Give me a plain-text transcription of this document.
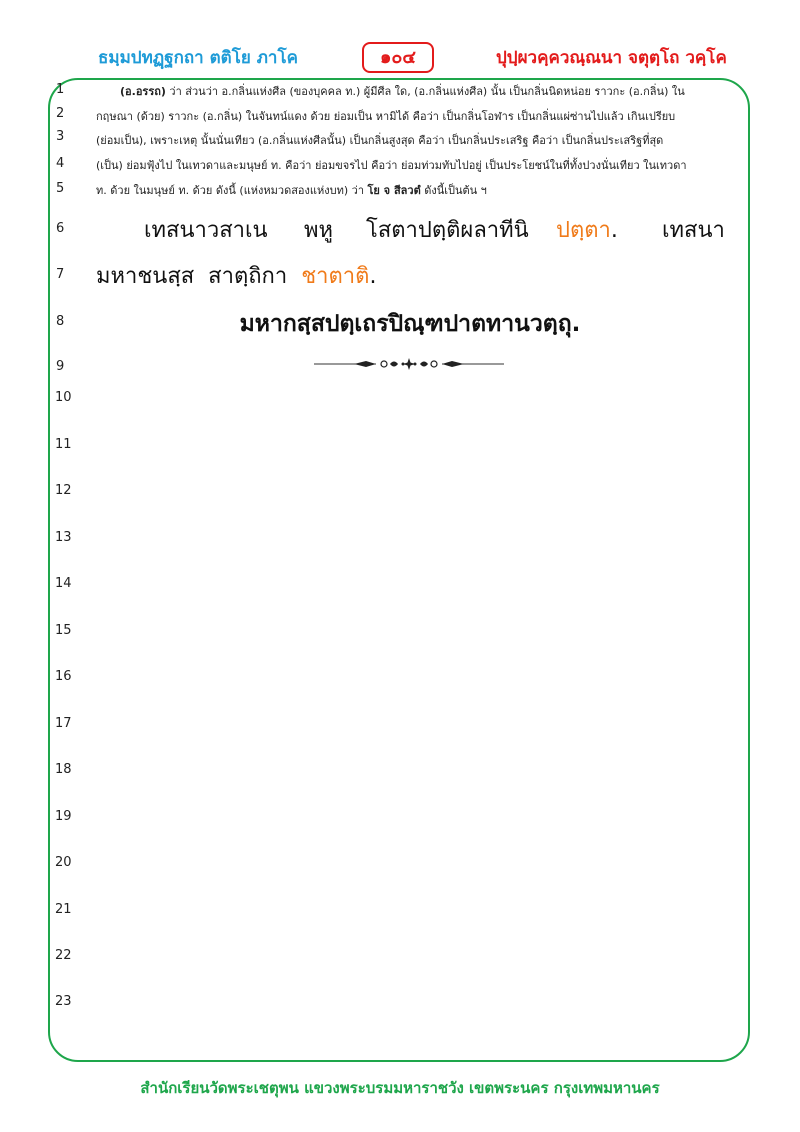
ธมฺมปทฏฺฐกถา ตติโย ภาโค	๑๐๔	ปุปฺผวคฺควณฺณนา จตุตฺโถ วคฺโค
1
2
3
4
5
6
7
8
9
10
11
12
13
14
15
16
17
18
19
20
21
22
23
(อ.อรรถ) ว่า ส่วนว่า อ.กลิ่นแห่งศีล (ของบุคคล ท.) ผู้มีศีล ใด, (อ.กลิ่นแห่งศีล) นั้น เป็นกลิ่นนิดหน่อย ราวกะ (อ.กลิ่น) ใน
กฤษณา (ด้วย) ราวกะ (อ.กลิ่น) ในจันทน์แดง ด้วย ย่อมเป็น หามิได้ คือว่า เป็นกลิ่นโอฬาร เป็นกลิ่นแผ่ซ่านไปแล้ว เกินเปรียบ
(ย่อมเป็น), เพราะเหตุ นั้นนั่นเทียว (อ.กลิ่นแห่งศีลนั้น) เป็นกลิ่นสูงสุด คือว่า เป็นกลิ่นประเสริฐ คือว่า เป็นกลิ่นประเสริฐที่สุด
(เป็น) ย่อมฟุ้งไป ในเทวดาและมนุษย์ ท. คือว่า ย่อมขจรไป คือว่า ย่อมท่วมทับไปอยู่ เป็นประโยชน์ในที่ทั้งปวงนั่นเทียว ในเทวดา
ท. ด้วย ในมนุษย์ ท. ด้วย ดังนี้ (แห่งหมวดสองแห่งบท) ว่า โย จ สีลวตํ ดังนี้เป็นต้น ฯ
เทสนาวสาเน พหู โสตาปตฺติผลาทีนิ ปตฺตา. เทสนา
มหาชนสฺส  สาตฺถิกา  ชาตาติ.
มหากสฺสปตฺเถรปิณฺฑปาตทานวตฺถุ.
สำนักเรียนวัดพระเชตุพน แขวงพระบรมมหาราชวัง เขตพระนคร กรุงเทพมหานคร
